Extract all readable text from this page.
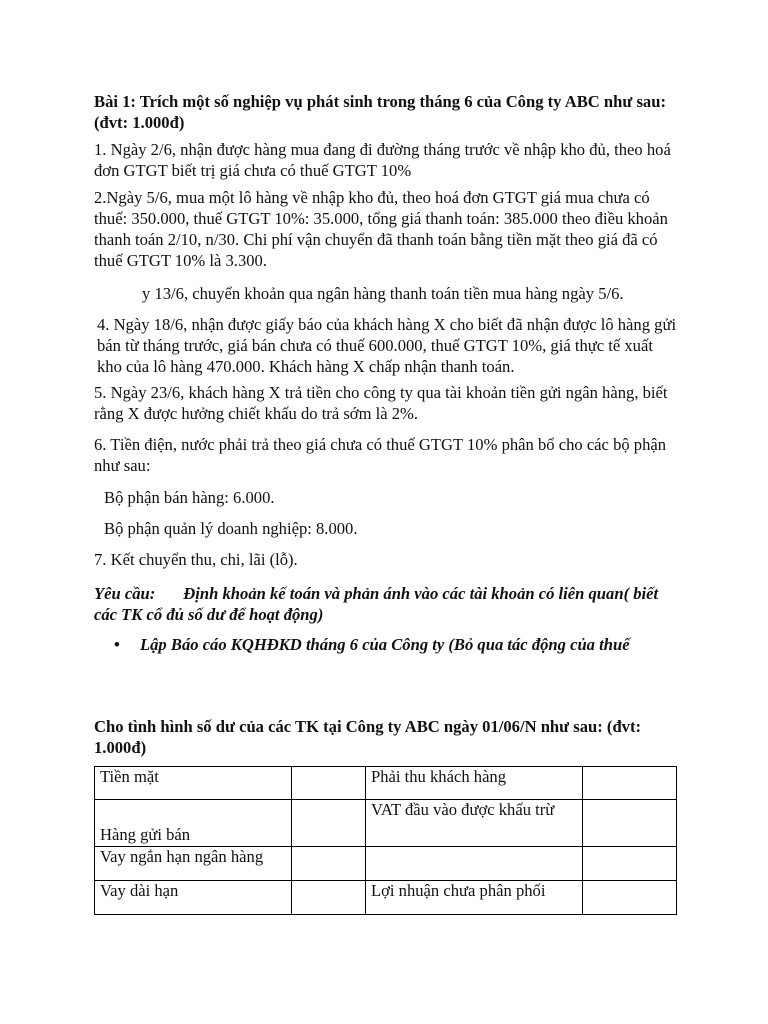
Bài 1: Trích một số nghiệp vụ phát sinh trong tháng 6 của Công ty ABC như sau: (đvt: 1.000đ)

1. Ngày 2/6, nhận được hàng mua đang đi đường tháng trước về nhập kho đủ, theo hoá đơn GTGT biết trị giá chưa có thuế GTGT 10%

2.Ngày 5/6, mua một lô hàng về nhập kho đủ, theo hoá đơn GTGT giá mua chưa có thuế: 350.000, thuế GTGT 10%: 35.000, tổng giá thanh toán: 385.000 theo điều khoản thanh toán 2/10, n/30. Chi phí vận chuyển đã thanh toán bằng tiền mặt theo giá đã có thuế GTGT 10% là 3.300.

y 13/6, chuyển khoản qua ngân hàng thanh toán tiền mua hàng ngày 5/6.

4. Ngày 18/6, nhận được giấy báo của khách hàng X cho biết đã nhận được lô hàng gửi bán từ tháng trước, giá bán chưa có thuế 600.000, thuế GTGT 10%, giá thực tế xuất kho của lô hàng 470.000. Khách hàng X chấp nhận thanh toán.

5. Ngày 23/6, khách hàng X trả tiền cho công ty qua tài khoản tiền gửi ngân hàng, biết rằng X được hưởng chiết khấu do trả sớm là 2%.

6. Tiền điện, nước phải trả theo giá chưa có thuế GTGT 10% phân bổ cho các bộ phận như sau:

Bộ phận bán hàng: 6.000.

Bộ phận quản lý doanh nghiệp: 8.000.

7. Kết chuyển thu, chi, lãi (lỗ).

Yêu cầu: Định khoản kế toán và phản ánh vào các tài khoản có liên quan( biết các TK cổ đủ số dư để hoạt động)

• Lập Báo cáo KQHĐKD tháng 6 của Công ty (Bỏ qua tác động của thuế

Cho tình hình số dư của các TK tại Công ty ABC ngày 01/06/N như sau: (đvt: 1.000đ)

Tiền mặt		Phải thu khách hàng	
Hàng gửi bán		VAT đầu vào được khấu trừ	
Vay ngắn hạn ngân hàng			
Vay dài hạn		Lợi nhuận chưa phân phối	
